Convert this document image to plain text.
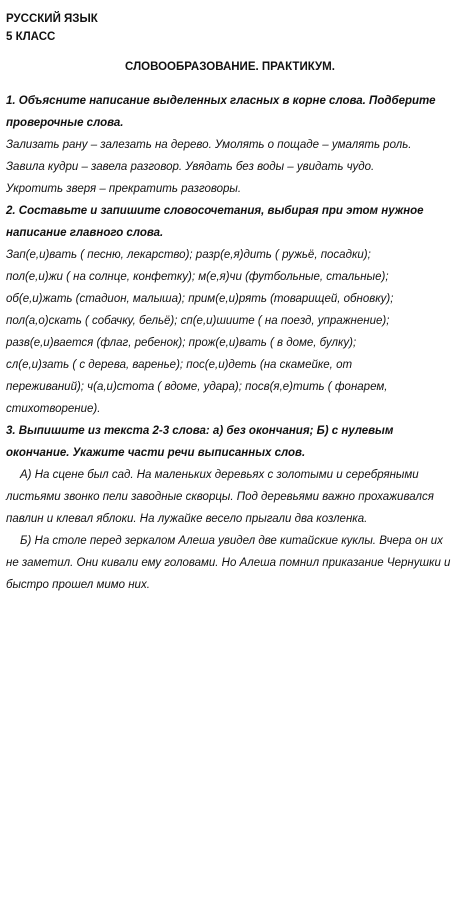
РУССКИЙ ЯЗЫК
5 КЛАСС
СЛОВООБРАЗОВАНИЕ. ПРАКТИКУМ.
1. Объясните написание выделенных гласных в корне слова. Подберите проверочные слова.
Зализать рану – залезать на дерево. Умолять о пощаде – умалять роль.
Завила кудри – завела разговор. Увядать без воды – увидать чудо.
Укротить зверя – прекратить разговоры.
2. Составьте и запишите словосочетания, выбирая при этом нужное написание главного слова.
Зап(е,и)вать ( песню, лекарство); разр(е,я)дить ( ружьё, посадки);
пол(е,и)жи ( на солнце, конфетку); м(е,я)чи (футбольные, стальные);
об(е,и)жать (стадион, малыша); прим(е,и)рять (товарищей, обновку);
пол(а,о)скать ( собачку, бельё); сп(е,и)шиите ( на поезд, упражнение);
разв(е,и)вается (флаг, ребенок); прож(е,и)вать ( в доме, булку);
сл(е,и)зать ( с дерева, варенье); пос(е,и)деть (на скамейке, от
переживаний); ч(а,и)стота ( вдоме, удара); посв(я,е)тить ( фонарем,
стихотворение).
3. Выпишите из текста 2-3 слова: а) без окончания; Б) с нулевым окончание. Укажите части речи выписанных слов.
А) На сцене был сад. На маленьких деревьях с золотыми и серебряными листьями звонко пели заводные скворцы. Под деревьями важно прохаживался павлин и клевал яблоки. На лужайке весело прыгали два козленка.
Б) На столе перед зеркалом Алеша увидел две китайские куклы. Вчера он их не заметил. Они кивали ему головами. Но Алеша помнил приказание Чернушки и быстро прошел мимо них.
